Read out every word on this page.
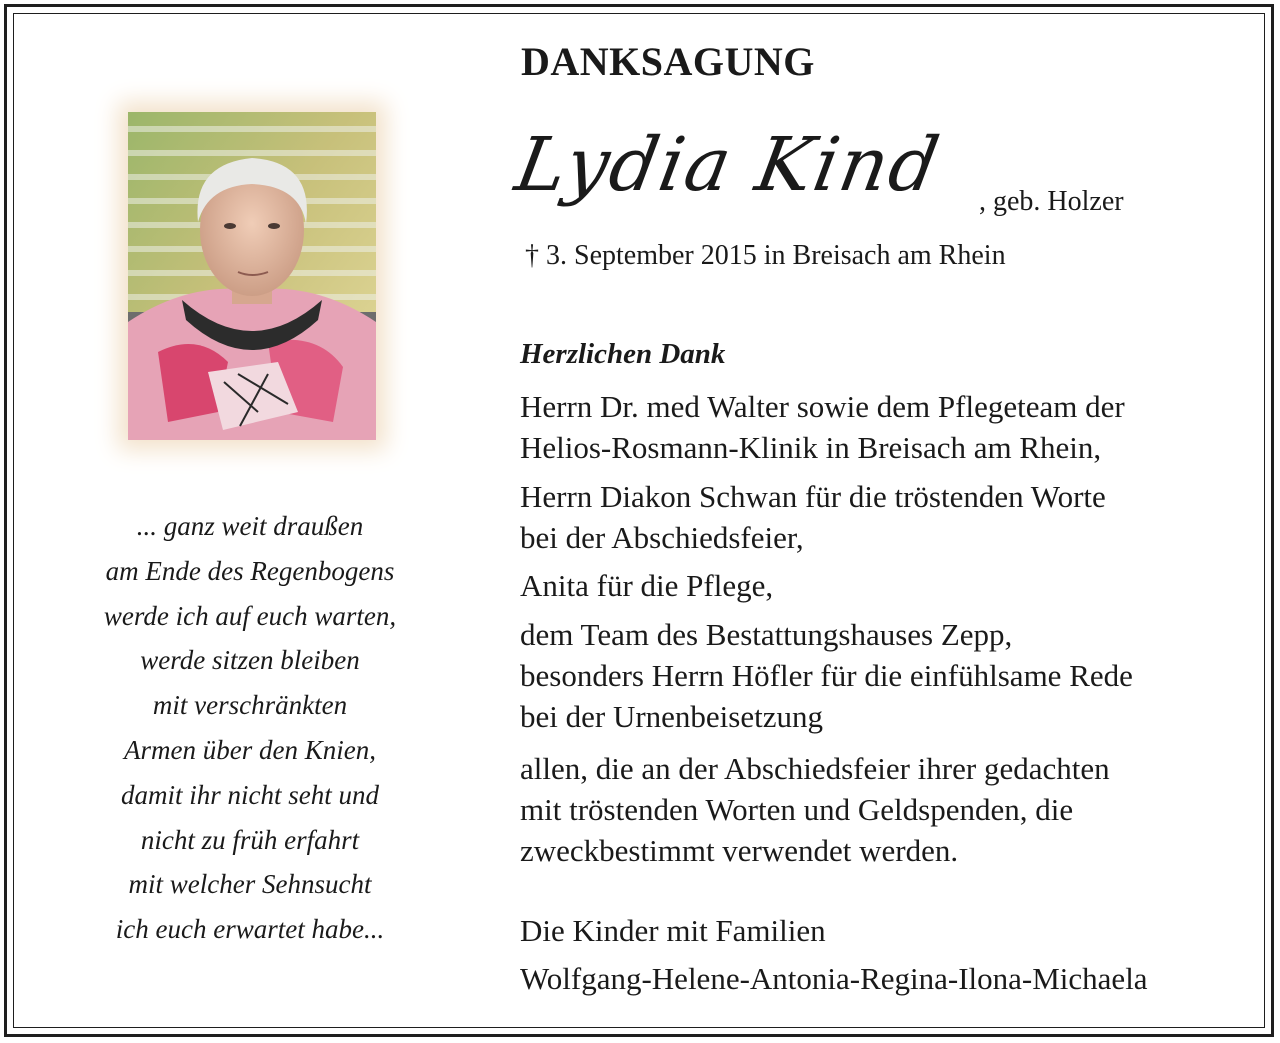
DANKSAGUNG
Lydia Kind , geb. Holzer
† 3. September 2015 in Breisach am Rhein
... ganz weit draußen
am Ende des Regenbogens
werde ich auf euch warten,
werde sitzen bleiben
mit verschränkten
Armen über den Knien,
damit ihr nicht seht und
nicht zu früh erfahrt
mit welcher Sehnsucht
ich euch erwartet habe...
Herzlichen Dank
Herrn Dr. med Walter sowie dem Pflegeteam der
Helios-Rosmann-Klinik in Breisach am Rhein,
Herrn Diakon Schwan für die tröstenden Worte
bei der Abschiedsfeier,
Anita für die Pflege,
dem Team des Bestattungshauses Zepp,
besonders Herrn Höfler für die einfühlsame Rede
bei der Urnenbeisetzung
allen, die an der Abschiedsfeier ihrer gedachten
mit tröstenden Worten und Geldspenden, die
zweckbestimmt verwendet werden.
Die Kinder mit Familien
Wolfgang-Helene-Antonia-Regina-Ilona-Michaela
